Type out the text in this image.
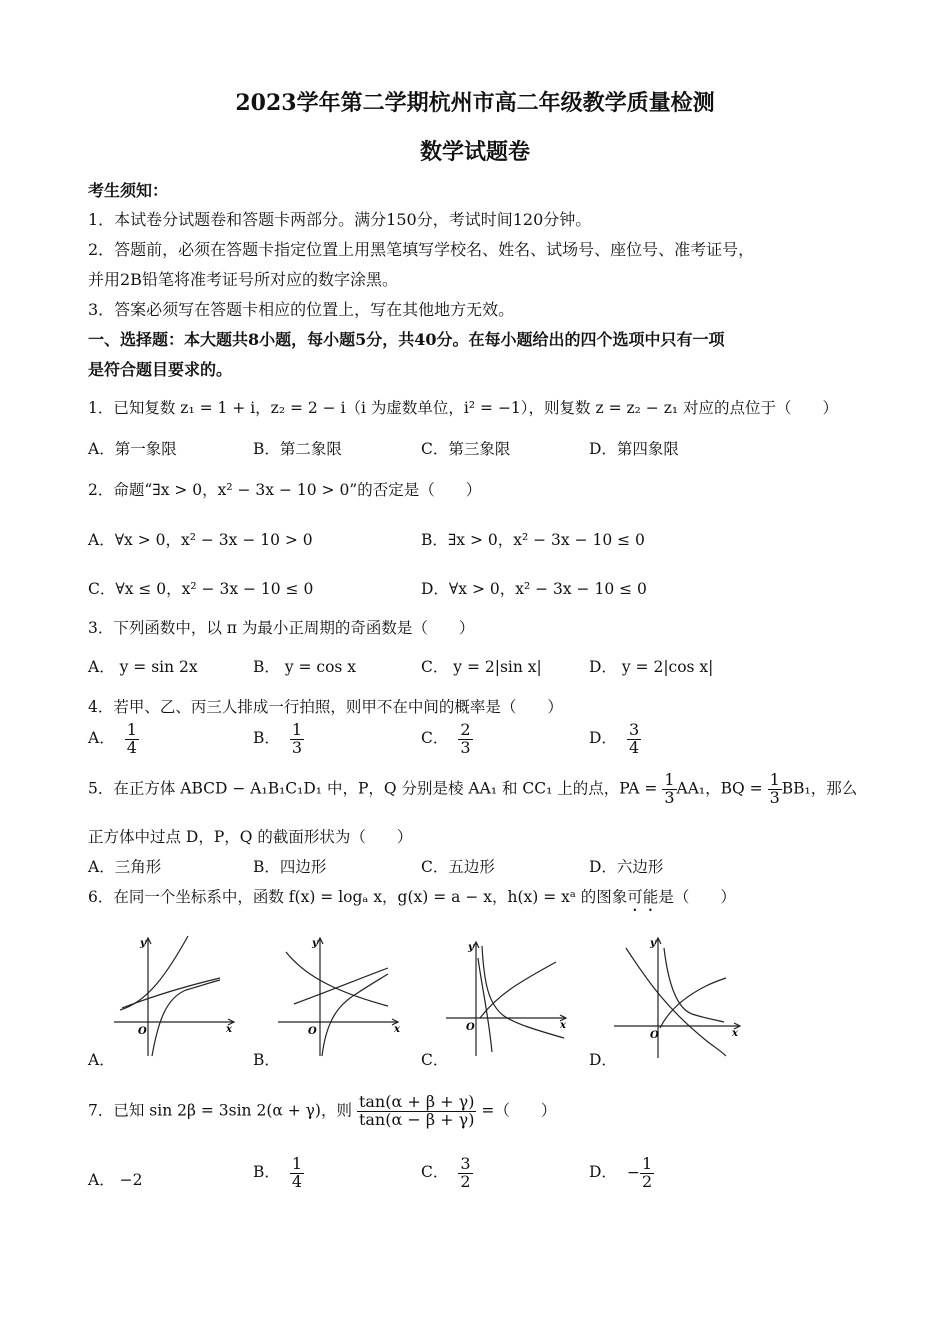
2023学年第二学期杭州市高二年级教学质量检测
数学试题卷
考生须知：
1．本试卷分试题卷和答题卡两部分。满分150分，考试时间120分钟。
2．答题前，必须在答题卡指定位置上用黑笔填写学校名、姓名、试场号、座位号、准考证号，
并用2B铅笔将准考证号所对应的数字涂黑。
3．答案必须写在答题卡相应的位置上，写在其他地方无效。
一、选择题：本大题共8小题，每小题5分，共40分。在每小题给出的四个选项中只有一项
是符合题目要求的。
1．已知复数 z₁ = 1 + i，z₂ = 2 − i（i 为虚数单位，i² = −1），则复数 z = z₂ − z₁ 对应的点位于（　　）
A．第一象限	B．第二象限	C．第三象限	D．第四象限
2．命题“∃x > 0，x² − 3x − 10 > 0”的否定是（　　）
A．∀x > 0，x² − 3x − 10 > 0	B．∃x > 0，x² − 3x − 10 ≤ 0
C．∀x ≤ 0，x² − 3x − 10 ≤ 0	D．∀x > 0，x² − 3x − 10 ≤ 0
3．下列函数中，以 π 为最小正周期的奇函数是（　　）
A． y = sin 2x	B． y = cos x	C． y = 2|sin x|	D． y = 2|cos x|
4．若甲、乙、丙三人排成一行拍照，则甲不在中间的概率是（　　）
A． $\frac{1}{4}$	B． $\frac{1}{3}$	C． $\frac{2}{3}$	D． $\frac{3}{4}$
5．在正方体 ABCD − A₁B₁C₁D₁ 中，P，Q 分别是棱 AA₁ 和 CC₁ 上的点，PA = $\frac{1}{3} AA_1$，BQ = $\frac{1}{3} BB_1$，那么
正方体中过点 D，P，Q 的截面形状为（　　）
A．三角形	B．四边形	C．五边形	D．六边形
6．在同一个坐标系中，函数 f(x) = logₐ x，g(x) = a − x，h(x) = xᵃ 的图象可能是（　　）
y
x
O
y
x
O
y
x
O
y
x
O
A．	B．	C．	D．
7．已知 sin 2β = 3sin 2(α + γ)，则 $\frac{\tan(\alpha + \beta + \gamma)}{\tan(\alpha - \beta + \gamma)}$ =（　　）
A． −2	B． $\frac{1}{4}$	C． $\frac{3}{2}$	D． − $\frac{1}{2}$
